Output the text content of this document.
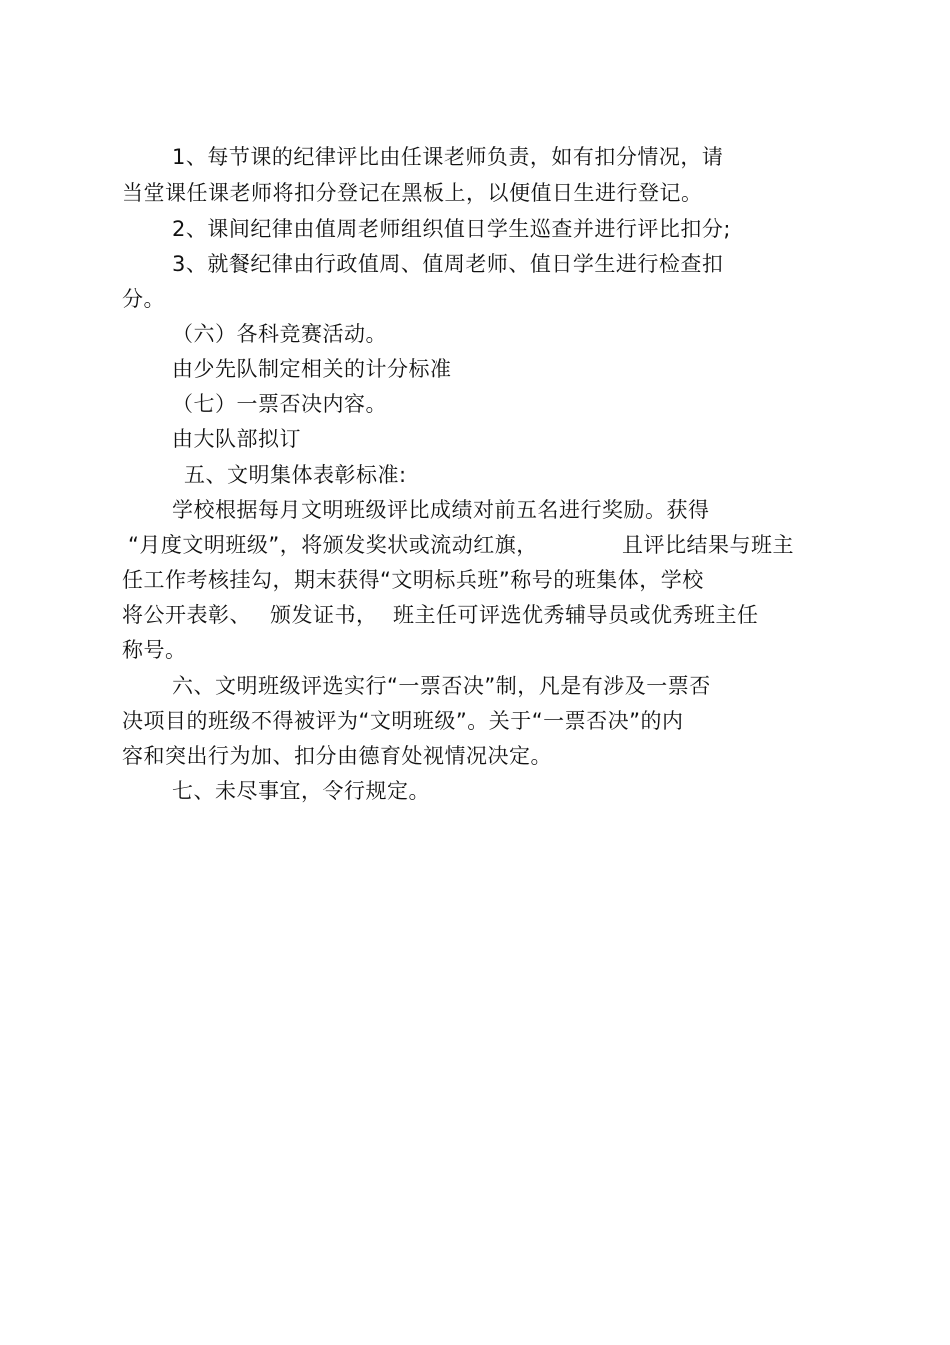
1、每节课的纪律评比由任课老师负责，如有扣分情况，请
当堂课任课老师将扣分登记在黑板上，以便值日生进行登记。
2、课间纪律由值周老师组织值日学生巡查并进行评比扣分;
3、就餐纪律由行政值周、值周老师、值日学生进行检查扣
分。
（六）各科竞赛活动。
由少先队制定相关的计分标准
（七）一票否决内容。
由大队部拟订
五、文明集体表彰标准:
学校根据每月文明班级评比成绩对前五名进行奖励。获得
“月度文明班级”，将颁发奖状或流动红旗，	且评比结果与班主
任工作考核挂勾，期末获得“文明标兵班”称号的班集体，学校
将公开表彰、 颁发证书， 班主任可评选优秀辅导员或优秀班主任
称号。
六、文明班级评选实行“一票否决”制，凡是有涉及一票否
决项目的班级不得被评为“文明班级”。关于“一票否决”的内
容和突出行为加、扣分由德育处视情况决定。
七、未尽事宜，令行规定。
